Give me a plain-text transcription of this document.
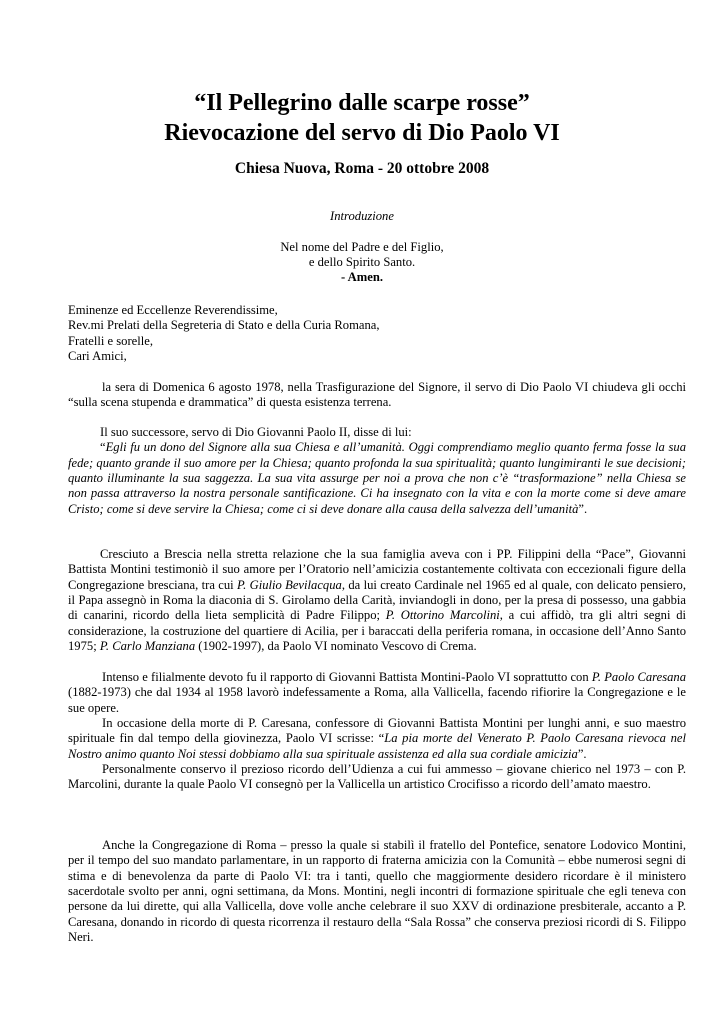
“Il Pellegrino dalle scarpe rosse”
Rievocazione del servo di Dio Paolo VI
Chiesa Nuova, Roma - 20 ottobre 2008
Introduzione
Nel nome del Padre e del Figlio,
e dello Spirito Santo.
- Amen.
Eminenze ed Eccellenze Reverendissime,
Rev.mi Prelati della Segreteria di Stato e della Curia Romana,
Fratelli e sorelle,
Cari Amici,

la sera di Domenica 6 agosto 1978, nella Trasfigurazione del Signore, il servo di Dio Paolo VI chiudeva gli occhi “sulla scena stupenda e drammatica” di questa esistenza terrena.

Il suo successore, servo di Dio Giovanni Paolo II, disse di lui:

“Egli fu un dono del Signore alla sua Chiesa e all’umanità. Oggi comprendiamo meglio quanto ferma fosse la sua fede; quanto grande il suo amore per la Chiesa; quanto profonda la sua spiritualità; quanto lungimiranti le sue decisioni; quanto illuminante la sua saggezza. La sua vita assurge per noi a prova che non c’è “trasformazione” nella Chiesa se non passa attraverso la nostra personale santificazione. Ci ha insegnato con la vita e con la morte come si deve amare Cristo; come si deve servire la Chiesa; come ci si deve donare alla causa della salvezza dell’umanità”.

Cresciuto a Brescia nella stretta relazione che la sua famiglia aveva con i PP. Filippini della “Pace”, Giovanni Battista Montini testimoniò il suo amore per l’Oratorio nell’amicizia costantemente coltivata con eccezionali figure della Congregazione bresciana, tra cui P. Giulio Bevilacqua, da lui creato Cardinale nel 1965 ed al quale, con delicato pensiero, il Papa assegnò in Roma la diaconia di S. Girolamo della Carità, inviandogli in dono, per la presa di possesso, una gabbia di canarini, ricordo della lieta semplicità di Padre Filippo; P. Ottorino Marcolini, a cui affidò, tra gli altri segni di considerazione, la costruzione del quartiere di Acilia, per i baraccati della periferia romana, in occasione dell’Anno Santo 1975; P. Carlo Manziana (1902-1997), da Paolo VI nominato Vescovo di Crema.

Intenso e filialmente devoto fu il rapporto di Giovanni Battista Montini-Paolo VI soprattutto con P. Paolo Caresana (1882-1973) che dal 1934 al 1958 lavorò indefessamente a Roma, alla Vallicella, facendo rifiorire la Congregazione e le sue opere.

In occasione della morte di P. Caresana, confessore di Giovanni Battista Montini per lunghi anni, e suo maestro spirituale fin dal tempo della giovinezza, Paolo VI scrisse: “La pia morte del Venerato P. Paolo Caresana rievoca nel Nostro animo quanto Noi stessi dobbiamo alla sua spirituale assistenza ed alla sua cordiale amicizia”.

Personalmente conservo il prezioso ricordo dell’Udienza a cui fui ammesso – giovane chierico nel 1973 – con P. Marcolini, durante la quale Paolo VI consegnò per la Vallicella un artistico Crocifisso a ricordo dell’amato maestro.

Anche la Congregazione di Roma – presso la quale si stabilì il fratello del Pontefice, senatore Lodovico Montini, per il tempo del suo mandato parlamentare, in un rapporto di fraterna amicizia con la Comunità – ebbe numerosi segni di stima e di benevolenza da parte di Paolo VI: tra i tanti, quello che maggiormente desidero ricordare è il ministero sacerdotale svolto per anni, ogni settimana, da Mons. Montini, negli incontri di formazione spirituale che egli teneva con persone da lui dirette, qui alla Vallicella, dove volle anche celebrare il suo XXV di ordinazione presbiterale, accanto a P. Caresana, donando in ricordo di questa ricorrenza il restauro della “Sala Rossa” che conserva preziosi ricordi di S. Filippo Neri.
